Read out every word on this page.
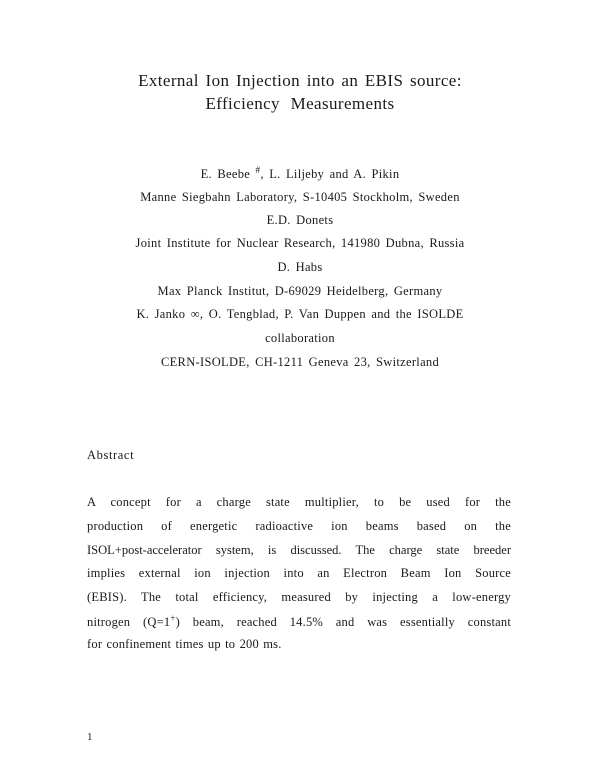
External Ion Injection into an EBIS source:
Efficiency Measurements
E. Beebe #, L. Liljeby and A. Pikin
Manne Siegbahn Laboratory, S-10405 Stockholm, Sweden
E.D. Donets
Joint Institute for Nuclear Research, 141980 Dubna, Russia
D. Habs
Max Planck Institut, D-69029 Heidelberg, Germany
K. Janko ∞, O. Tengblad, P. Van Duppen and the ISOLDE
collaboration
CERN-ISOLDE, CH-1211 Geneva 23, Switzerland
Abstract
A concept for a charge state multiplier, to be used for the
production of energetic radioactive ion beams based on the
ISOL+post-accelerator system, is discussed. The charge state breeder
implies external ion injection into an Electron Beam Ion Source
(EBIS). The total efficiency, measured by injecting a low-energy
nitrogen (Q=1+) beam, reached 14.5% and was essentially constant
for confinement times up to 200 ms.
1
